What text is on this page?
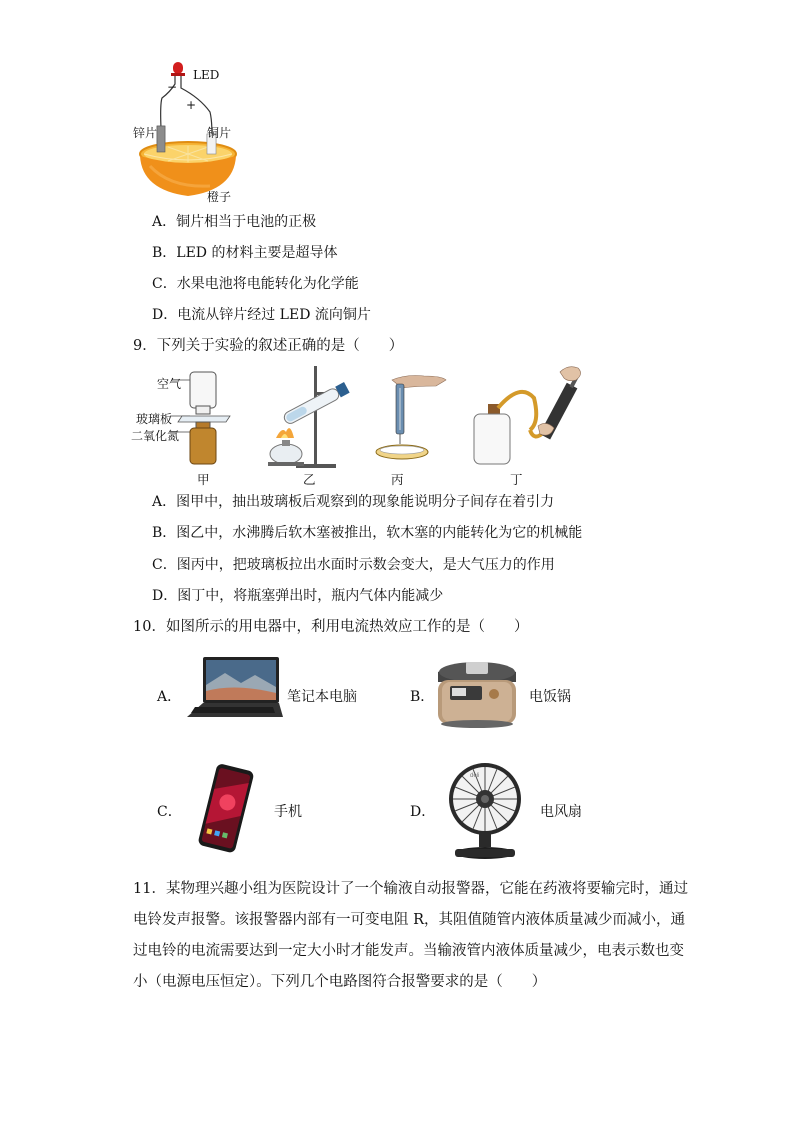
LED
−
+
锌片	铜片
橙子
A．铜片相当于电池的正极
B．LED 的材料主要是超导体
C．水果电池将电能转化为化学能
D．电流从锌片经过 LED 流向铜片
9．下列关于实验的叙述正确的是（　　）
空气
玻璃板
二氧化氮
甲	乙	丙	丁
A．图甲中，抽出玻璃板后观察到的现象能说明分子间存在着引力
B．图乙中，水沸腾后软木塞被推出，软木塞的内能转化为它的机械能
C．图丙中，把玻璃板拉出水面时示数会变大，是大气压力的作用
D．图丁中，将瓶塞弹出时，瓶内气体内能减少
10．如图所示的用电器中，利用电流热效应工作的是（　　）
A．	笔记本电脑	B．	电饭锅
C．	手机	D．
deli
电风扇
11．某物理兴趣小组为医院设计了一个输液自动报警器，它能在药液将要输完时，通过
电铃发声报警。该报警器内部有一可变电阻 R，其阻值随管内液体质量减少而减小，通
过电铃的电流需要达到一定大小时才能发声。当输液管内液体质量减少，电表示数也变
小（电源电压恒定）。下列几个电路图符合报警要求的是（　　）
